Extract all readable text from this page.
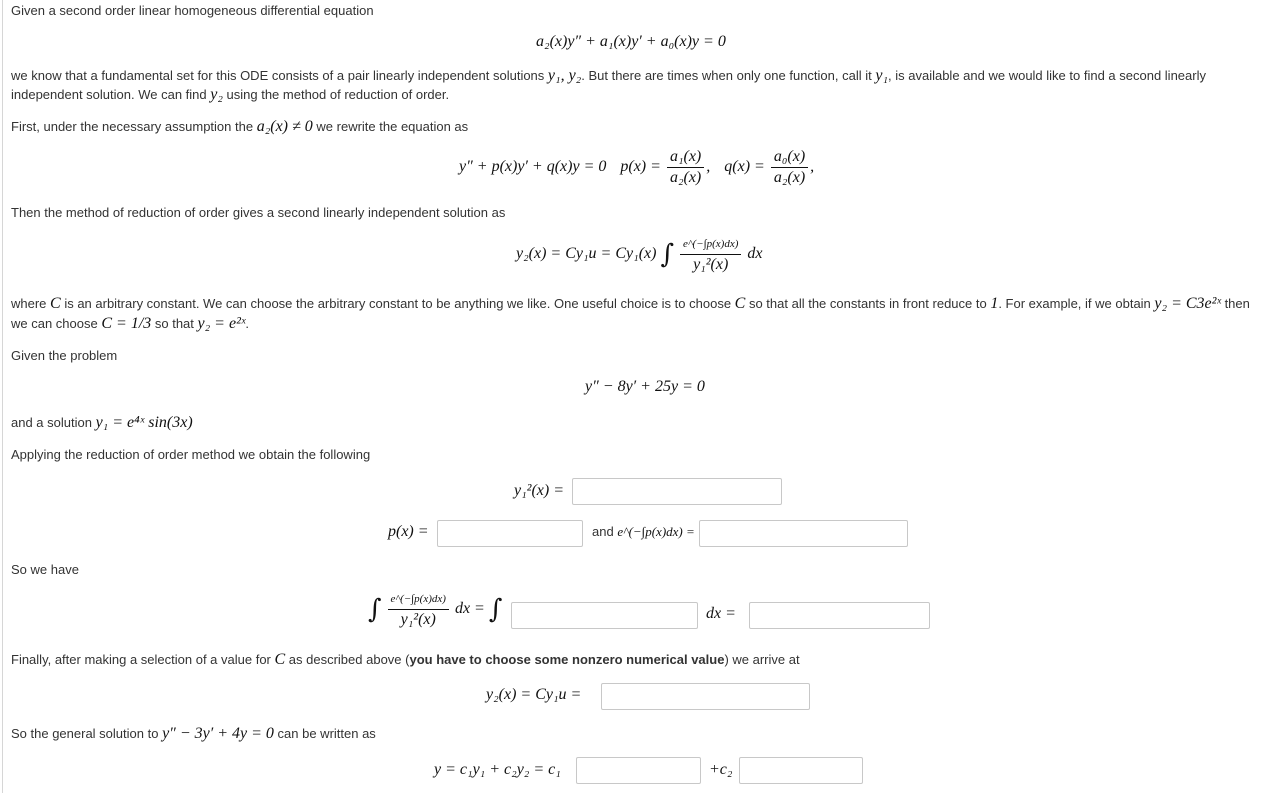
Given a second order linear homogeneous differential equation
a₂(x)y″ + a₁(x)y′ + a₀(x)y = 0
we know that a fundamental set for this ODE consists of a pair linearly independent solutions y₁, y₂. But there are times when only one function, call it y₁, is available and we would like to find a second linearly
independent solution. We can find y₂ using the method of reduction of order.
First, under the necessary assumption the a₂(x) ≠ 0 we rewrite the equation as
y″ + p(x)y′ + q(x)y = 0 $p(x) = \frac{\text{a₁(x)}}{\text{a₂(x)}}$ , $q(x) = \frac{\text{a₀(x)}}{\text{a₂(x)}}$ ,
Then the method of reduction of order gives a second linearly independent solution as
y₂(x) = Cy₁u = Cy₁(x) ∫ $\frac{e\^{}(-\int p(x)dx)}{\text{y₁²(x)}}$ dx
where C is an arbitrary constant. We can choose the arbitrary constant to be anything we like. One useful choice is to choose C so that all the constants in front reduce to 1. For example, if we obtain y₂ = C3e²ˣ then
we can choose C = 1/3 so that y₂ = e²ˣ.
Given the problem
y″ − 8y′ + 25y = 0
and a solution y₁ = e⁴ˣ sin(3x)
Applying the reduction of order method we obtain the following
y₁²(x) =
p(x) =	and e^(−∫p(x)dx) =
So we have
∫ $\frac{e\^{}(-\int p(x)dx)}{\text{y₁²(x)}}$ dx = ∫	dx =
Finally, after making a selection of a value for C as described above (you have to choose some nonzero numerical value) we arrive at
y₂(x) = Cy₁u =
So the general solution to y″ − 3y′ + 4y = 0 can be written as
y = c₁y₁ + c₂y₂ = c₁	+c₂
